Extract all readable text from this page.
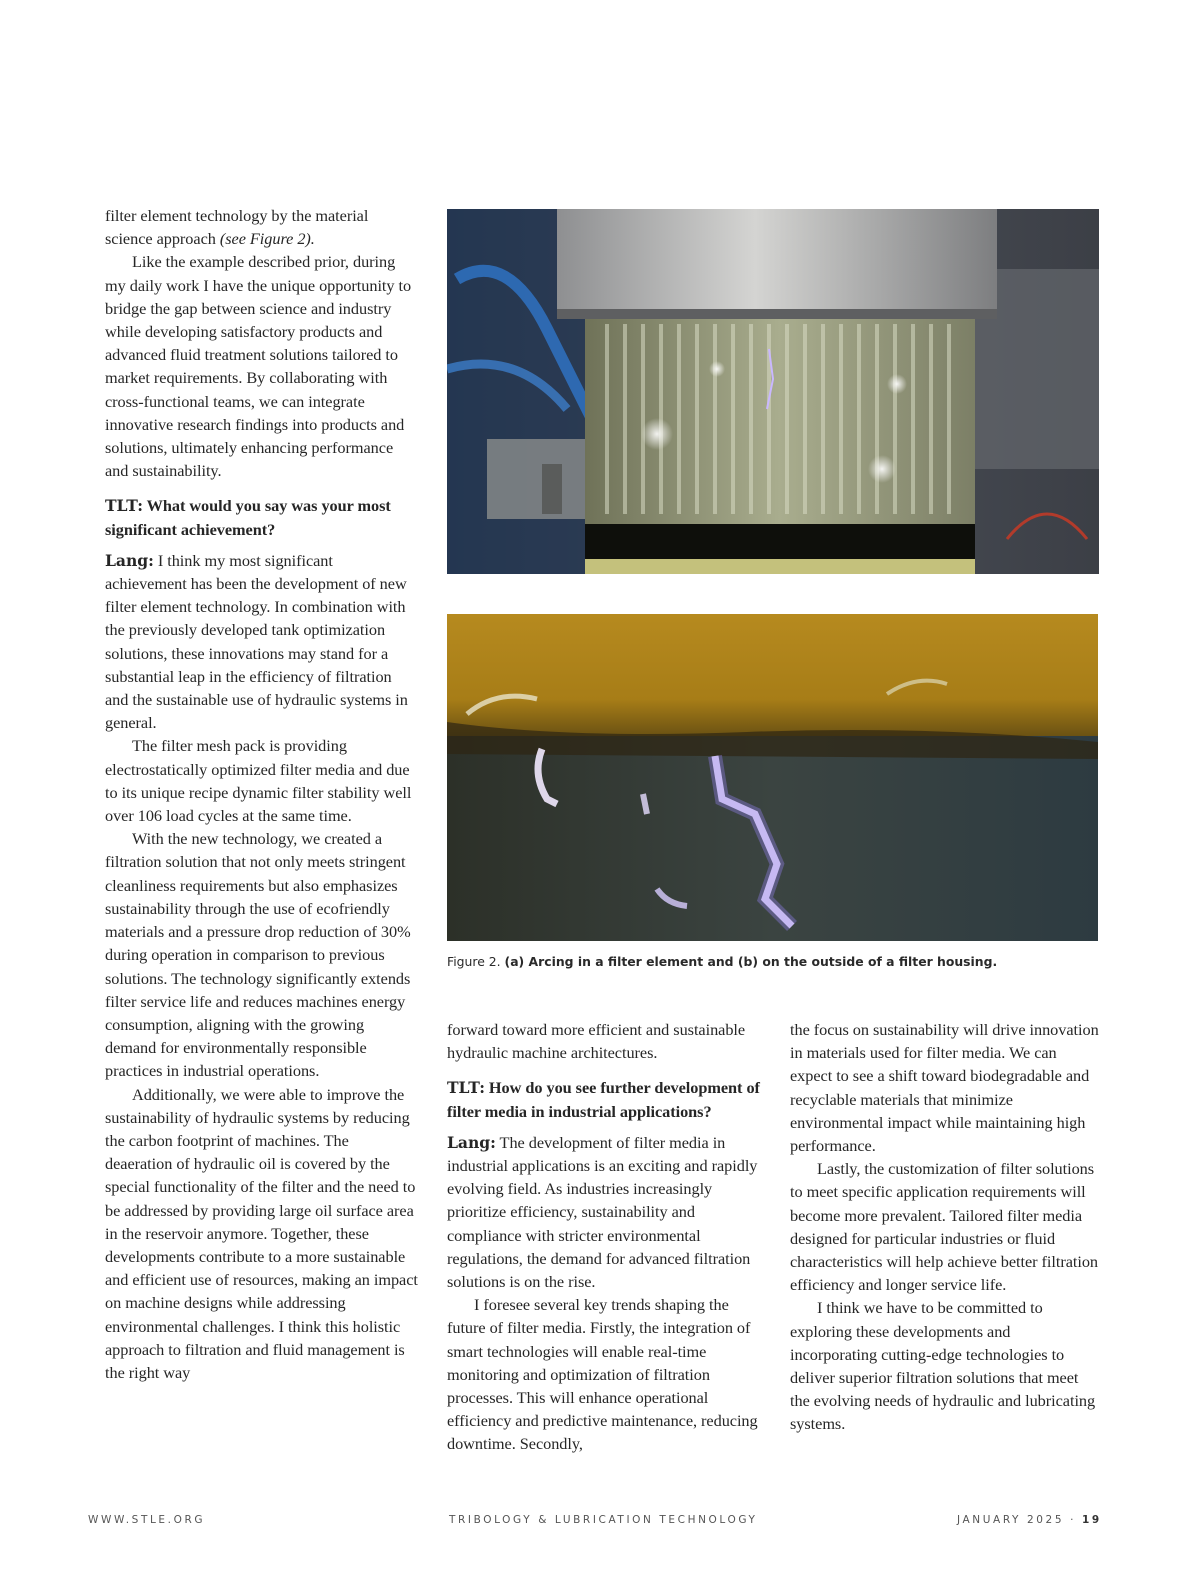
filter element technology by the material science approach (see Figure 2).

Like the example described prior, during my daily work I have the unique opportunity to bridge the gap between science and industry while developing satisfactory products and advanced fluid treatment solutions tailored to market requirements. By collaborating with cross-functional teams, we can integrate innovative research findings into products and solutions, ultimately enhancing performance and sustainability.

TLT: What would you say was your most significant achievement?

Lang: I think my most significant achievement has been the development of new filter element technology. In combination with the previously developed tank optimization solutions, these innovations may stand for a substantial leap in the efficiency of filtration and the sustainable use of hydraulic systems in general.

The filter mesh pack is providing electrostatically optimized filter media and due to its unique recipe dynamic filter stability well over 106 load cycles at the same time.

With the new technology, we created a filtration solution that not only meets stringent cleanliness requirements but also emphasizes sustainability through the use of ecofriendly materials and a pressure drop reduction of 30% during operation in comparison to previous solutions. The technology significantly extends filter service life and reduces machines energy consumption, aligning with the growing demand for environmentally responsible practices in industrial operations.

Additionally, we were able to improve the sustainability of hydraulic systems by reducing the carbon footprint of machines. The deaeration of hydraulic oil is covered by the special functionality of the filter and the need to be addressed by providing large oil surface area in the reservoir anymore. Together, these developments contribute to a more sustainable and efficient use of resources, making an impact on machine designs while addressing environmental challenges. I think this holistic approach to filtration and fluid management is the right way

Figure 2. (a) Arcing in a filter element and (b) on the outside of a filter housing.

forward toward more efficient and sustainable hydraulic machine architectures.

TLT: How do you see further development of filter media in industrial applications?

Lang: The development of filter media in industrial applications is an exciting and rapidly evolving field. As industries increasingly prioritize efficiency, sustainability and compliance with stricter environmental regulations, the demand for advanced filtration solutions is on the rise.

I foresee several key trends shaping the future of filter media. Firstly, the integration of smart technologies will enable real-time monitoring and optimization of filtration processes. This will enhance operational efficiency and predictive maintenance, reducing downtime. Secondly,

the focus on sustainability will drive innovation in materials used for filter media. We can expect to see a shift toward biodegradable and recyclable materials that minimize environmental impact while maintaining high performance.

Lastly, the customization of filter solutions to meet specific application requirements will become more prevalent. Tailored filter media designed for particular industries or fluid characteristics will help achieve better filtration efficiency and longer service life.

I think we have to be committed to exploring these developments and incorporating cutting-edge technologies to deliver superior filtration solutions that meet the evolving needs of hydraulic and lubricating systems.

WWW.STLE.ORG	TRIBOLOGY & LUBRICATION TECHNOLOGY	JANUARY 2025 · 19
